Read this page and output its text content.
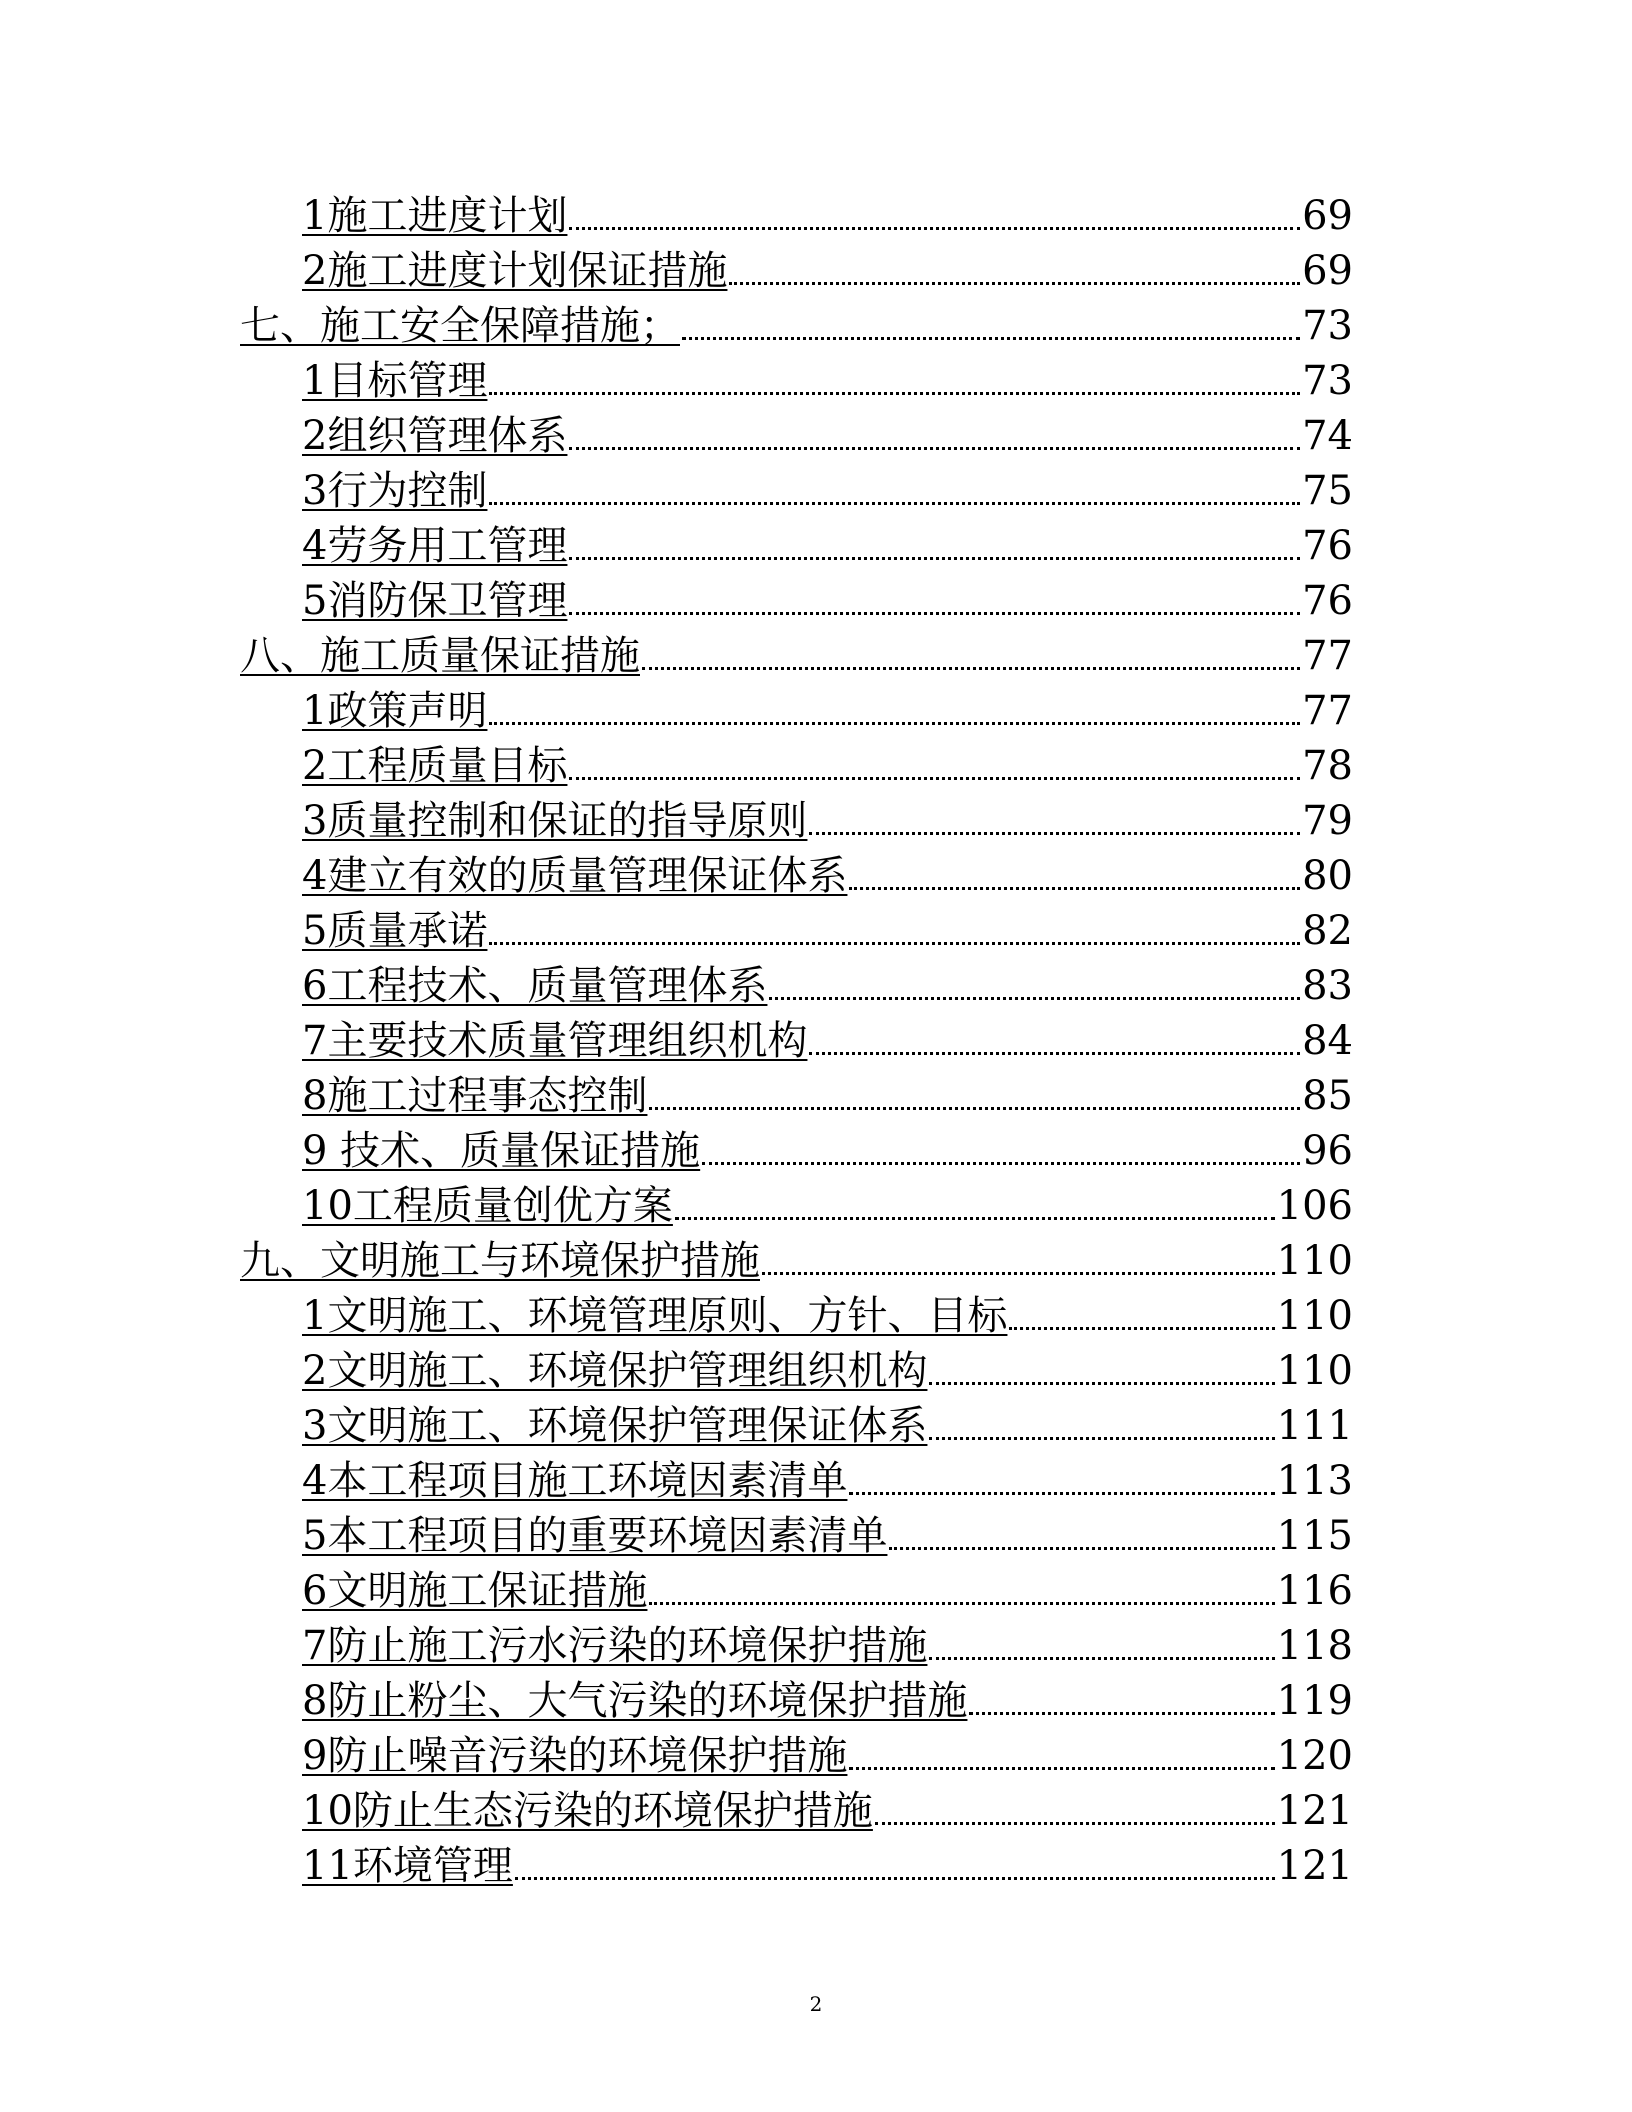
1施工进度计划	69
2施工进度计划保证措施	69
七、施工安全保障措施；	73
1目标管理	73
2组织管理体系	74
3行为控制	75
4劳务用工管理	76
5消防保卫管理	76
八、施工质量保证措施	77
1政策声明	77
2工程质量目标	78
3质量控制和保证的指导原则	79
4建立有效的质量管理保证体系	80
5质量承诺	82
6工程技术、质量管理体系	83
7主要技术质量管理组织机构	84
8施工过程事态控制	85
9 技术、质量保证措施	96
10工程质量创优方案	106
九、文明施工与环境保护措施	110
1文明施工、环境管理原则、方针、目标	110
2文明施工、环境保护管理组织机构	110
3文明施工、环境保护管理保证体系	111
4本工程项目施工环境因素清单	113
5本工程项目的重要环境因素清单	115
6文明施工保证措施	116
7防止施工污水污染的环境保护措施	118
8防止粉尘、大气污染的环境保护措施	119
9防止噪音污染的环境保护措施	120
10防止生态污染的环境保护措施	121
11环境管理	121
2
